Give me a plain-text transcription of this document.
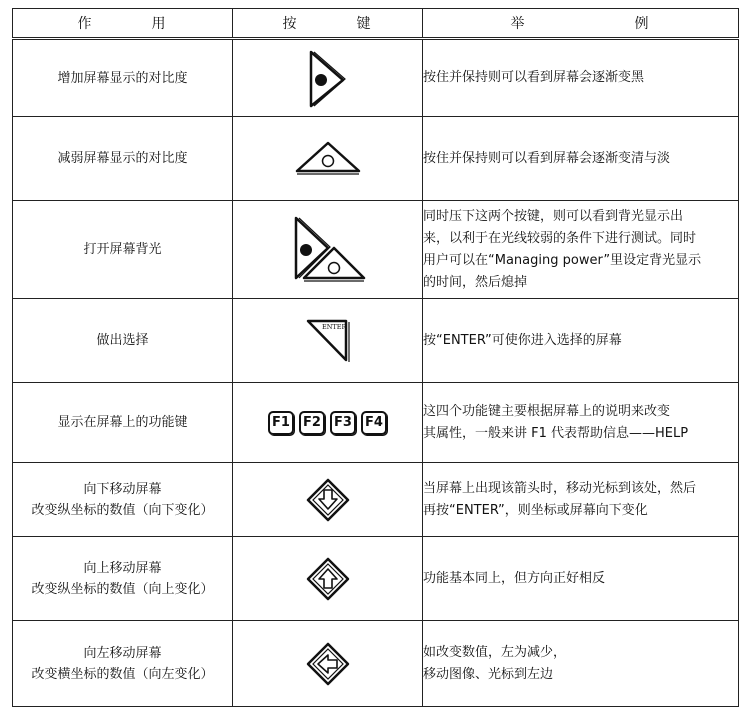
作 用	按 键	举 例

增加屏幕显示的对比度		按住并保持则可以看到屏幕会逐渐变黑

减弱屏幕显示的对比度		按住并保持则可以看到屏幕会逐渐变清与淡

打开屏幕背光		同时压下这两个按键，则可以看到背光显示出
来，以利于在光线较弱的条件下进行测试。同时
用户可以在“Managing power”里设定背光显示
的时间，然后熄掉

做出选择	ENTER	按“ENTER”可使你进入选择的屏幕

显示在屏幕上的功能键	F1 F2 F3 F4	这四个功能键主要根据屏幕上的说明来改变
其属性，一般来讲 F1 代表帮助信息——HELP

向下移动屏幕
改变纵坐标的数值（向下变化）		当屏幕上出现该箭头时，移动光标到该处，然后
再按“ENTER”，则坐标或屏幕向下变化

向上移动屏幕
改变纵坐标的数值（向上变化）		功能基本同上，但方向正好相反

向左移动屏幕
改变横坐标的数值（向左变化）		如改变数值，左为减少，
移动图像、光标到左边
